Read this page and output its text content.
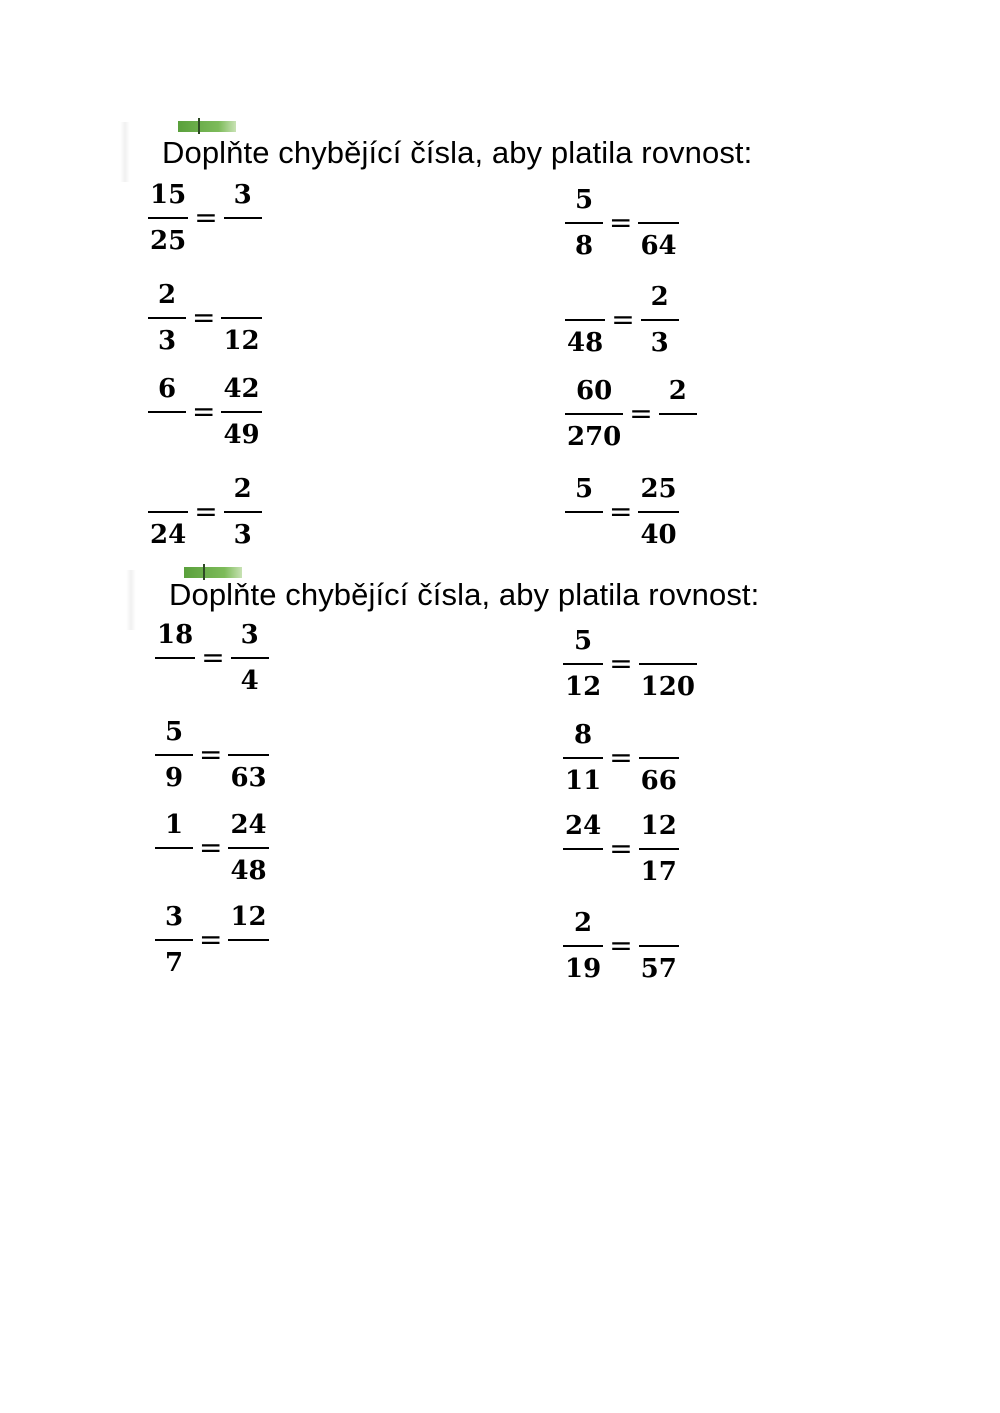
Doplňte chybějící čísla, aby platila rovnost:
$\frac{15}{25}$ =
3
$\frac{2}{3}$ =
12
6
= $\frac{42}{49}$
24
= $\frac{2}{3}$
$\frac{5}{8}$ =
64
48
= $\frac{2}{3}$
$\frac{60}{270}$ =
2
5
= $\frac{25}{40}$
Doplňte chybějící čísla, aby platila rovnost:
18
= $\frac{3}{4}$
$\frac{5}{9}$ =
63
1
= $\frac{24}{48}$
$\frac{3}{7}$ =
12
$\frac{5}{12}$ =
120
$\frac{8}{11}$ =
66
24
= $\frac{12}{17}$
$\frac{2}{19}$ =
57
